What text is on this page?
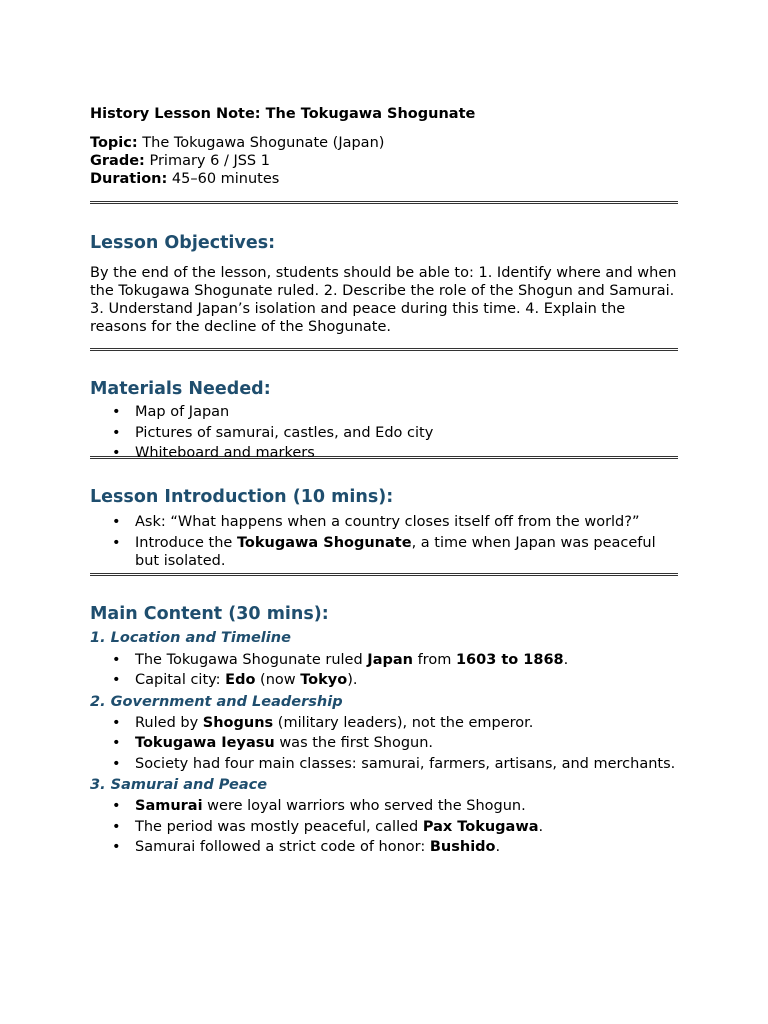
History Lesson Note: The Tokugawa Shogunate
Topic: The Tokugawa Shogunate (Japan)
Grade: Primary 6 / JSS 1
Duration: 45–60 minutes
Lesson Objectives:

By the end of the lesson, students should be able to: 1. Identify where and when the Tokugawa Shogunate ruled. 2. Describe the role of the Shogun and Samurai. 3. Understand Japan’s isolation and peace during this time. 4. Explain the reasons for the decline of the Shogunate.

Materials Needed:
• Map of Japan
• Pictures of samurai, castles, and Edo city
• Whiteboard and markers
Lesson Introduction (10 mins):
• Ask: “What happens when a country closes itself off from the world?”
• Introduce the Tokugawa Shogunate, a time when Japan was peaceful but isolated.
Main Content (30 mins):
1. Location and Timeline
• The Tokugawa Shogunate ruled Japan from 1603 to 1868.
• Capital city: Edo (now Tokyo).
2. Government and Leadership
• Ruled by Shoguns (military leaders), not the emperor.
• Tokugawa Ieyasu was the first Shogun.
• Society had four main classes: samurai, farmers, artisans, and merchants.
3. Samurai and Peace
• Samurai were loyal warriors who served the Shogun.
• The period was mostly peaceful, called Pax Tokugawa.
• Samurai followed a strict code of honor: Bushido.
